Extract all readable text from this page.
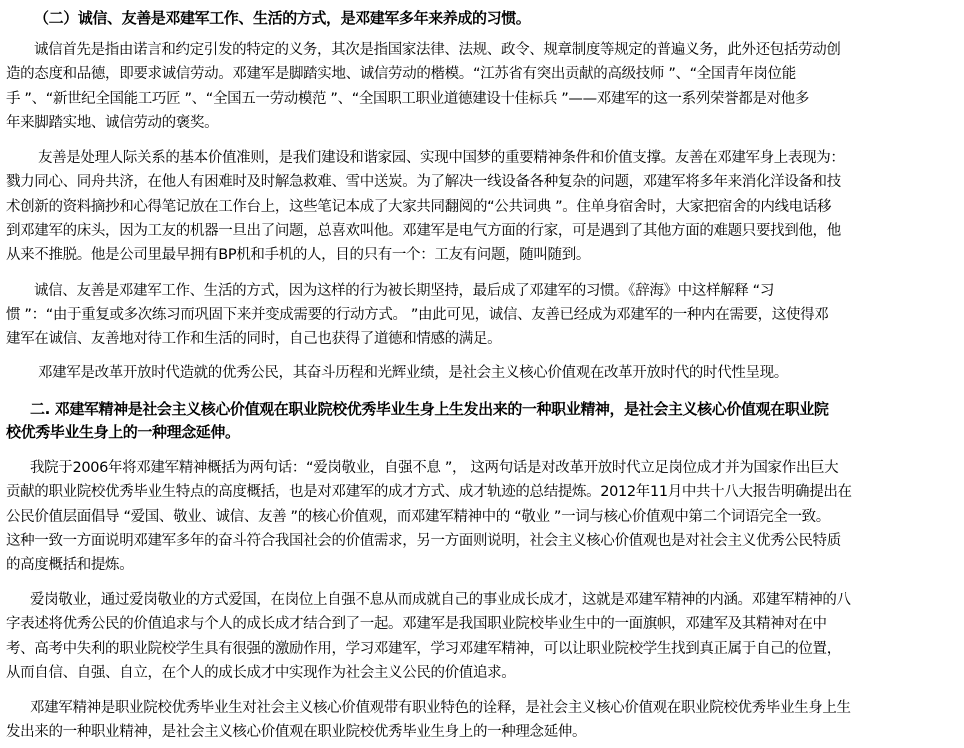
（二）诚信、友善是邓建军工作、生活的方式，是邓建军多年来养成的习惯。
诚信首先是指由诺言和约定引发的特定的义务，其次是指国家法律、法规、政令、规章制度等规定的普遍义务，此外还包括劳动创
造的态度和品德，即要求诚信劳动。邓建军是脚踏实地、诚信劳动的楷模。“江苏省有突出贡献的高级技师 ”、“全国青年岗位能
手 ”、“新世纪全国能工巧匠 ”、“全国五一劳动模范 ”、“全国职工职业道德建设十佳标兵 ”——邓建军的这一系列荣誉都是对他多
年来脚踏实地、诚信劳动的褒奖。
友善是处理人际关系的基本价值准则，是我们建设和谐家园、实现中国梦的重要精神条件和价值支撑。友善在邓建军身上表现为：
戮力同心、同舟共济，在他人有困难时及时解急救难、雪中送炭。为了解决一线设备各种复杂的问题，邓建军将多年来消化洋设备和技
术创新的资料摘抄和心得笔记放在工作台上，这些笔记本成了大家共同翻阅的“公共词典 ”。住单身宿舍时，大家把宿舍的内线电话移
到邓建军的床头，因为工友的机器一旦出了问题，总喜欢叫他。邓建军是电气方面的行家，可是遇到了其他方面的难题只要找到他，他
从来不推脱。他是公司里最早拥有BP机和手机的人，目的只有一个：工友有问题，随叫随到。
诚信、友善是邓建军工作、生活的方式，因为这样的行为被长期坚持，最后成了邓建军的习惯。《辞海》中这样解释 “习
惯 ”：“由于重复或多次练习而巩固下来并变成需要的行动方式。 ”由此可见，诚信、友善已经成为邓建军的一种内在需要，这使得邓
建军在诚信、友善地对待工作和生活的同时，自己也获得了道德和情感的满足。
邓建军是改革开放时代造就的优秀公民，其奋斗历程和光辉业绩，是社会主义核心价值观在改革开放时代的时代性呈现。
二. 邓建军精神是社会主义核心价值观在职业院校优秀毕业生身上生发出来的一种职业精神，是社会主义核心价值观在职业院
校优秀毕业生身上的一种理念延伸。
我院于2006年将邓建军精神概括为两句话：“爱岗敬业，自强不息 ”， 这两句话是对改革开放时代立足岗位成才并为国家作出巨大
贡献的职业院校优秀毕业生特点的高度概括，也是对邓建军的成才方式、成才轨迹的总结提炼。2012年11月中共十八大报告明确提出在
公民价值层面倡导 “爱国、敬业、诚信、友善 ”的核心价值观，而邓建军精神中的 “敬业 ”一词与核心价值观中第二个词语完全一致。
这种一致一方面说明邓建军多年的奋斗符合我国社会的价值需求，另一方面则说明，社会主义核心价值观也是对社会主义优秀公民特质
的高度概括和提炼。
爱岗敬业，通过爱岗敬业的方式爱国，在岗位上自强不息从而成就自己的事业成长成才，这就是邓建军精神的内涵。邓建军精神的八
字表述将优秀公民的价值追求与个人的成长成才结合到了一起。邓建军是我国职业院校毕业生中的一面旗帜，邓建军及其精神对在中
考、高考中失利的职业院校学生具有很强的激励作用，学习邓建军，学习邓建军精神，可以让职业院校学生找到真正属于自己的位置，
从而自信、自强、自立，在个人的成长成才中实现作为社会主义公民的价值追求。
邓建军精神是职业院校优秀毕业生对社会主义核心价值观带有职业特色的诠释，是社会主义核心价值观在职业院校优秀毕业生身上生
发出来的一种职业精神，是社会主义核心价值观在职业院校优秀毕业生身上的一种理念延伸。
